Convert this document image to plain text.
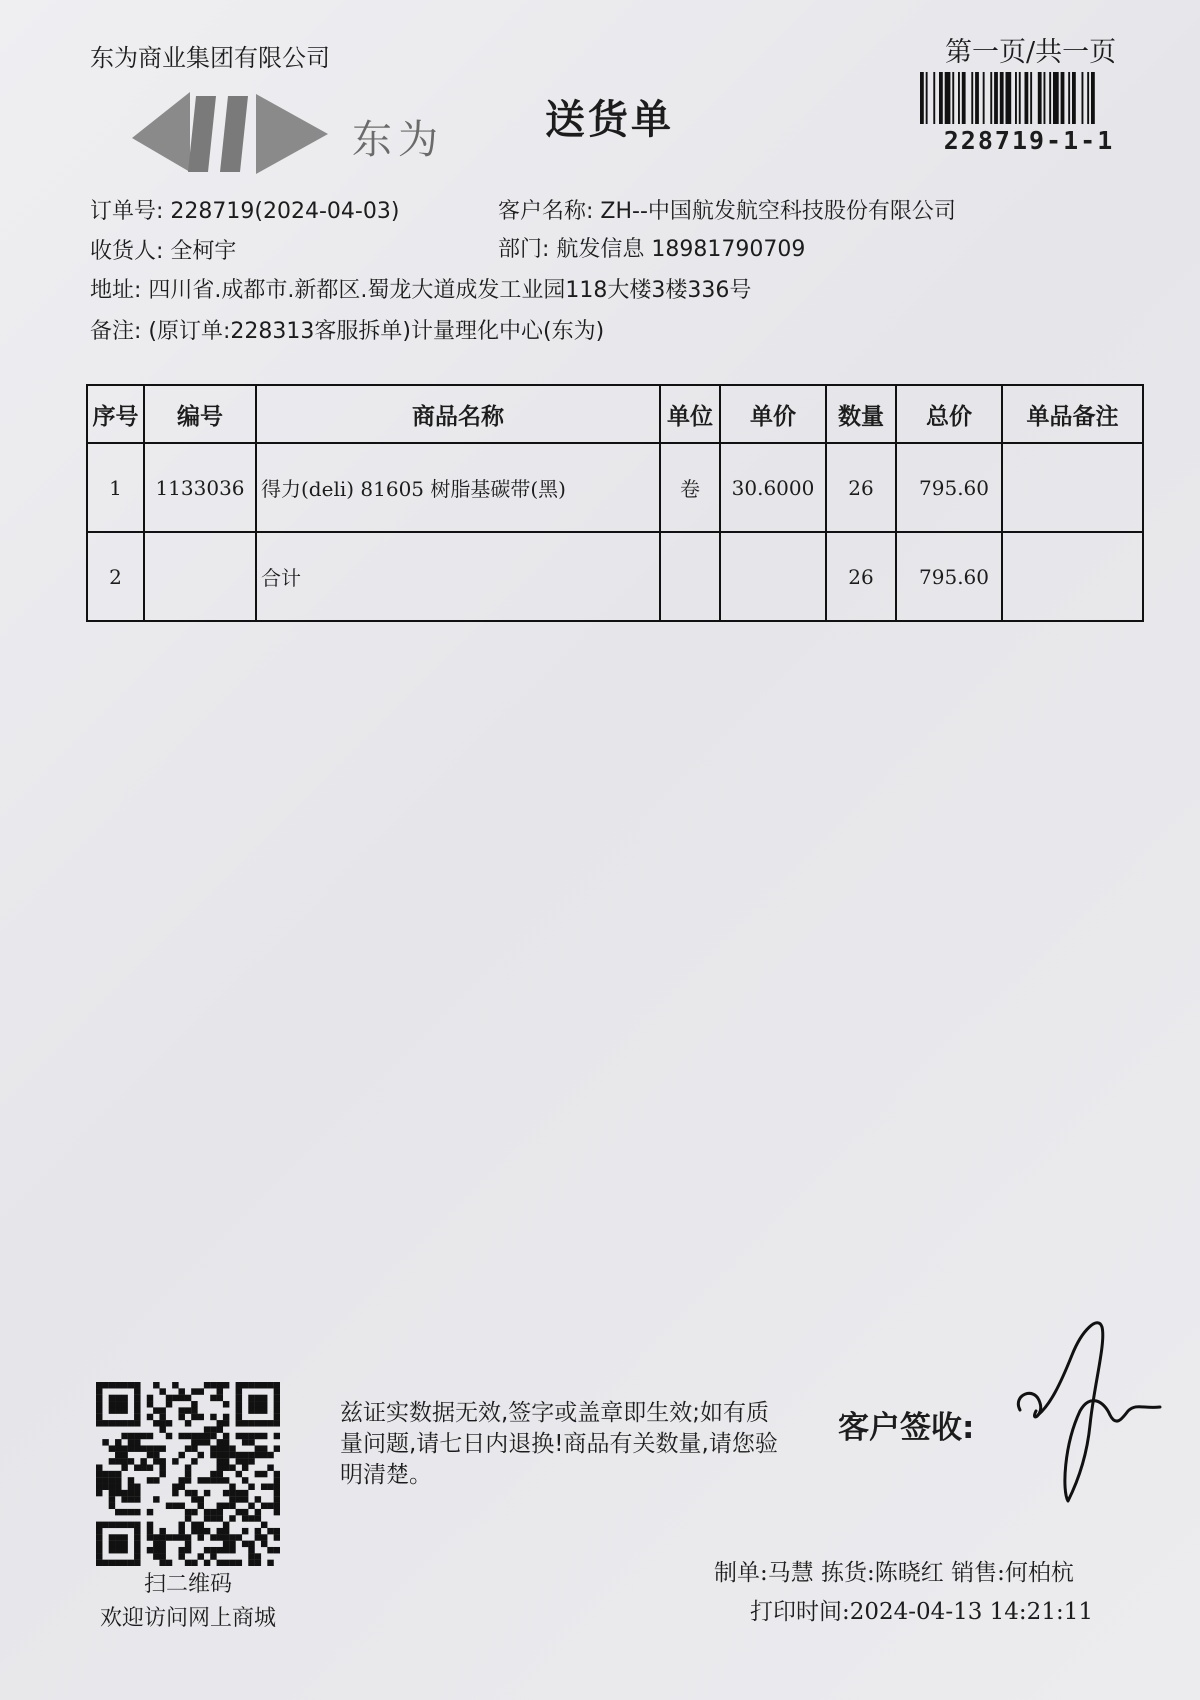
东为商业集团有限公司
东为	送货单
第一页/共一页
228719-1-1
订单号: 228719(2024-04-03)	客户名称: ZH--中国航发航空科技股份有限公司
收货人: 全柯宇	部门: 航发信息 18981790709
地址: 四川省.成都市.新都区.蜀龙大道成发工业园118大楼3楼336号
备注: (原订单:228313客服拆单)计量理化中心(东为)
序号	编号	商品名称	单位	单价	数量	总价	单品备注
1	1133036	得力(deli) 81605 树脂基碳带(黑)	卷	30.6000	26	795.60	
2		合计			26	795.60	
扫二维码
欢迎访问网上商城
兹证实数据无效,签字或盖章即生效;如有质量问题,请七日内退换!商品有关数量,请您验明清楚。
客户签收:
制单:马慧 拣货:陈晓红 销售:何柏杭
打印时间:2024-04-13 14:21:11
